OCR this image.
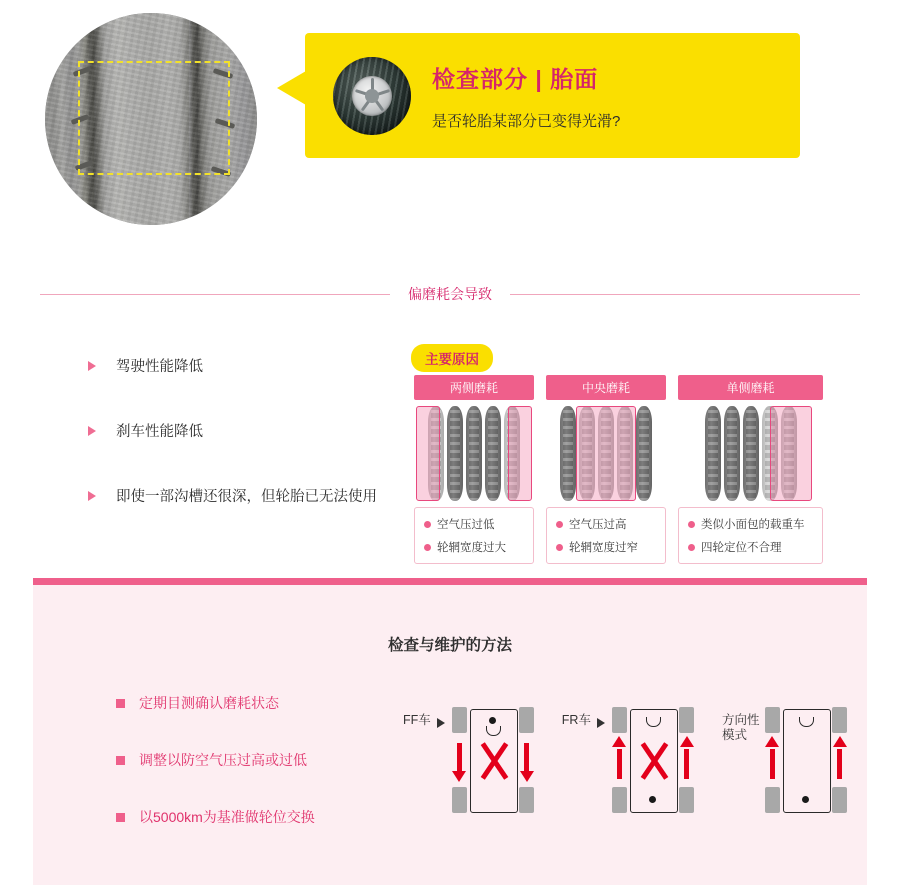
检查部分 | 胎面
是否轮胎某部分已变得光滑?
偏磨耗会导致
驾驶性能降低
刹车性能降低
即使一部沟槽还很深，但轮胎已无法使用
主要原因
两侧磨耗
空气压过低
轮辋宽度过大
中央磨耗
空气压过高
轮辋宽度过窄
单侧磨耗
类似小面包的载重车
四轮定位不合理
检查与维护的方法
定期目测确认磨耗状态
调整以防空气压过高或过低
以5000km为基准做轮位交换
FF车	FR车	方向性
模式
